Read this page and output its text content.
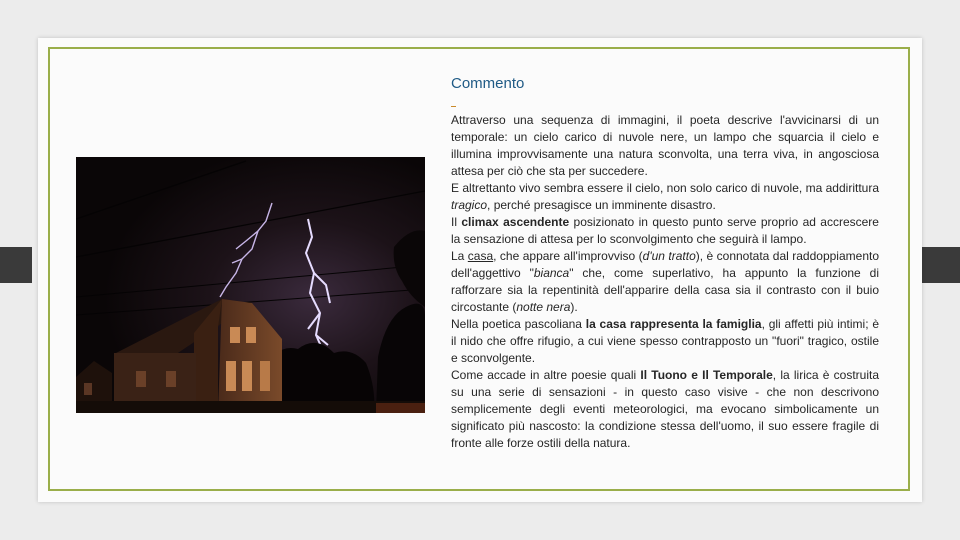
Commento

Attraverso una sequenza di immagini, il poeta descrive l'avvicinarsi di un temporale: un cielo carico di nuvole nere, un lampo che squarcia il cielo e illumina improvvisamente una natura sconvolta, una terra viva, in angosciosa attesa per ciò che sta per succedere.

E altrettanto vivo sembra essere il cielo, non solo carico di nuvole, ma addirittura tragico, perché presagisce un imminente disastro.

Il climax ascendente posizionato in questo punto serve proprio ad accrescere la sensazione di attesa per lo sconvolgimento che seguirà il lampo.

La casa, che appare all'improvviso (d'un tratto), è connotata dal raddoppiamento dell'aggettivo "bianca" che, come superlativo, ha appunto la funzione di rafforzare sia la repentinità dell'apparire della casa sia il contrasto con il buio circostante (notte nera).

Nella poetica pascoliana la casa rappresenta la famiglia, gli affetti più intimi; è il nido che offre rifugio, a cui viene spesso contrapposto un "fuori" tragico, ostile e sconvolgente.

Come accade in altre poesie quali Il Tuono e Il Temporale, la lirica è costruita su una serie di sensazioni - in questo caso visive - che non descrivono semplicemente degli eventi meteorologici, ma evocano simbolicamente un significato più nascosto: la condizione stessa dell'uomo, il suo essere fragile di fronte alle forze ostili della natura.
